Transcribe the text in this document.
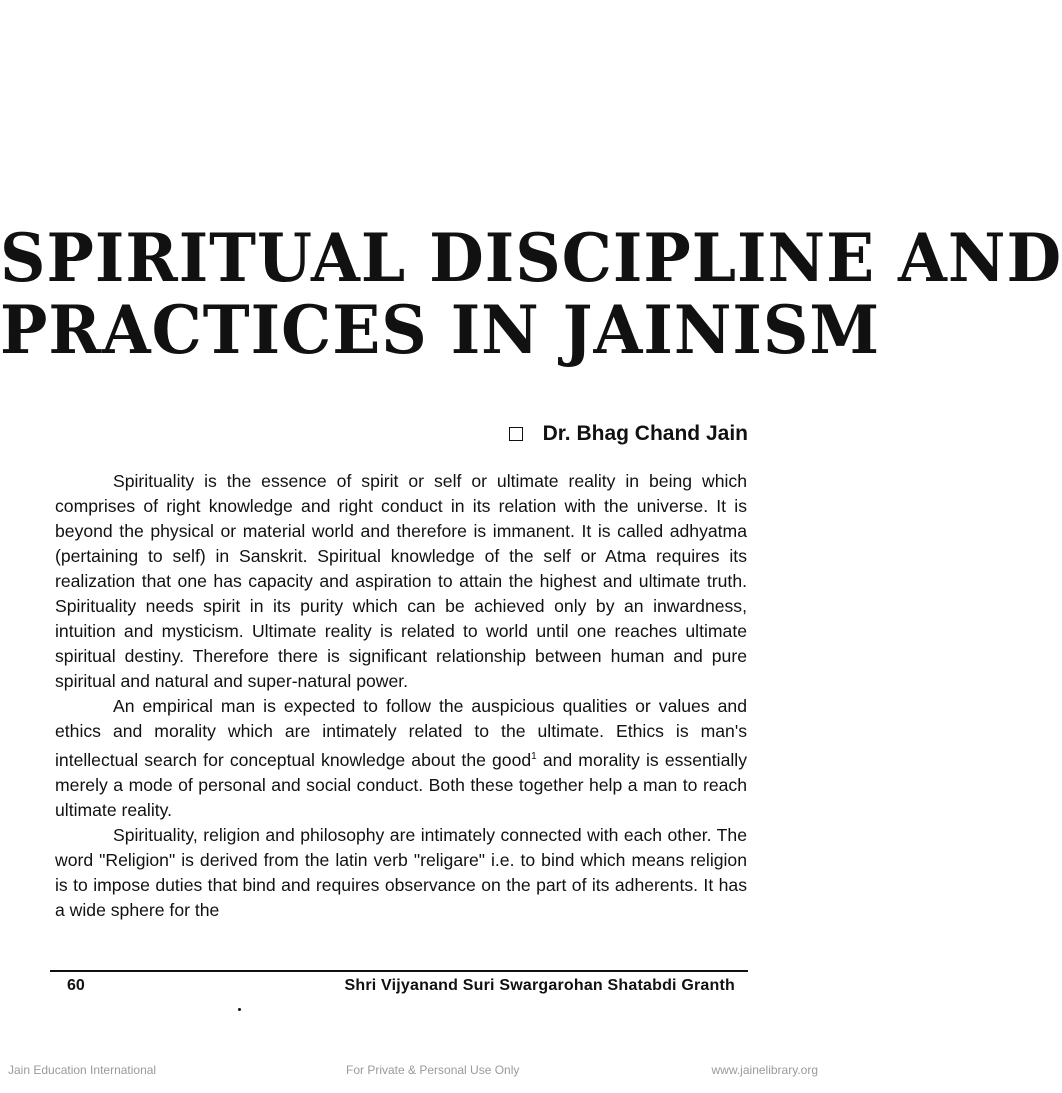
SPIRITUAL DISCIPLINE AND
PRACTICES IN JAINISM
Dr. Bhag Chand Jain

Spirituality is the essence of spirit or self or ultimate reality in being which comprises of right knowledge and right conduct in its relation with the universe. It is beyond the physical or material world and therefore is immanent. It is called adhyatma (pertaining to self) in Sanskrit. Spiritual knowledge of the self or Atma requires its realization that one has capacity and aspiration to attain the highest and ultimate truth. Spirituality needs spirit in its purity which can be achieved only by an inwardness, intuition and mysticism. Ultimate reality is related to world until one reaches ultimate spiritual destiny. Therefore there is significant relationship between human and pure spiritual and natural and super-natural power.

An empirical man is expected to follow the auspicious qualities or values and ethics and morality which are intimately related to the ultimate. Ethics is man's intellectual search for conceptual knowledge about the good$^1$ and morality is essentially merely a mode of personal and social conduct. Both these together help a man to reach ultimate reality.

Spirituality, religion and philosophy are intimately connected with each other. The word "Religion" is derived from the latin verb "religare" i.e. to bind which means religion is to impose duties that bind and requires observance on the part of its adherents. It has a wide sphere for the

60	Shri Vijyanand Suri Swargarohan Shatabdi Granth
Jain Education International	For Private & Personal Use Only	www.jainelibrary.org
